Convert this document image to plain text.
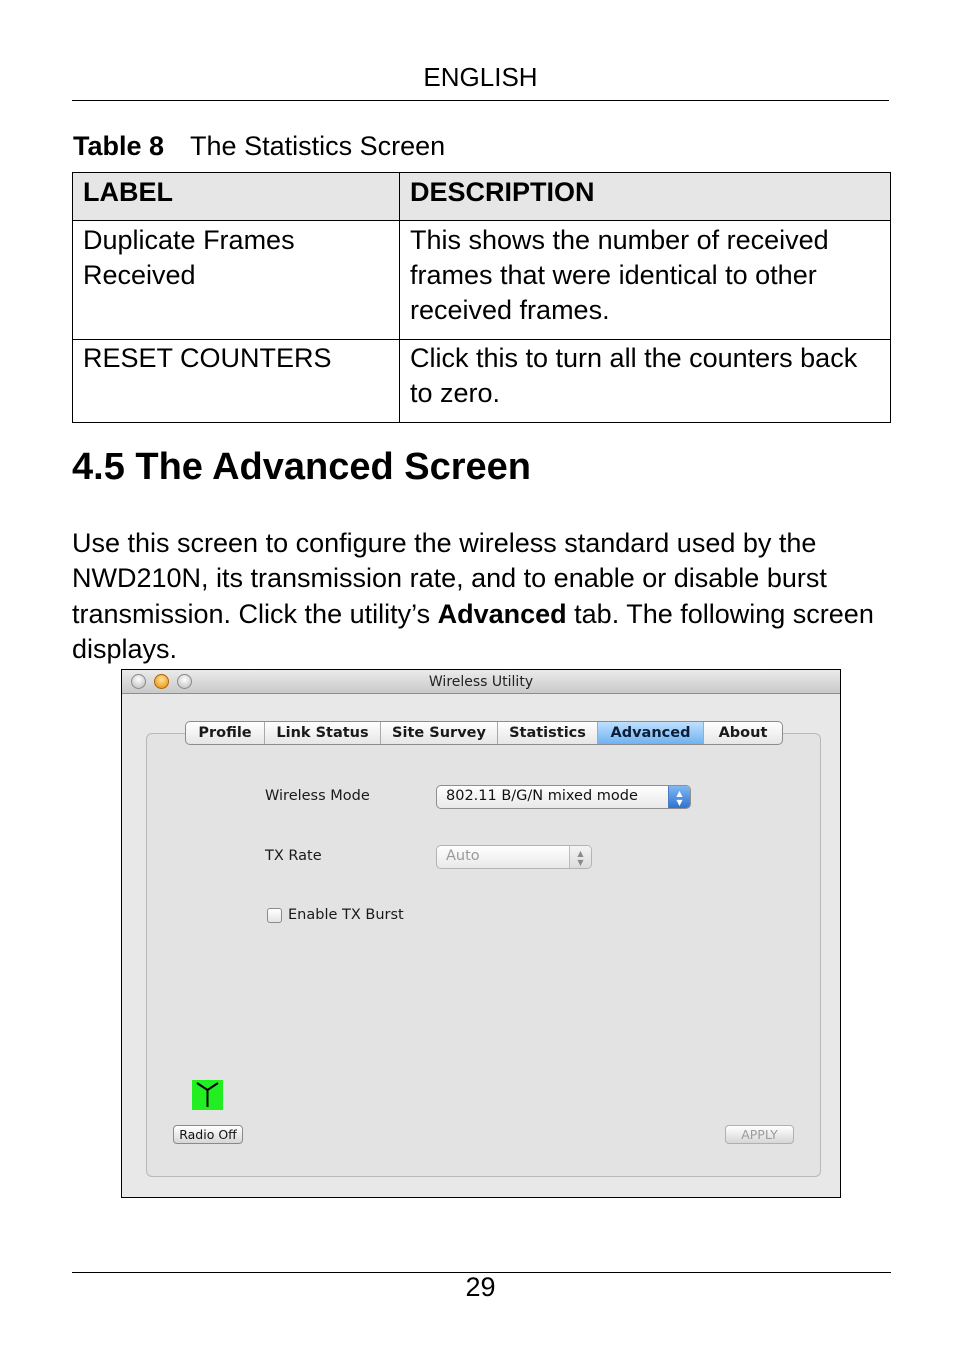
ENGLISH
Table 8 The Statistics Screen
LABEL	DESCRIPTION
Duplicate Frames Received	This shows the number of received frames that were identical to other received frames.
RESET COUNTERS	Click this to turn all the counters back to zero.
4.5 The Advanced Screen

Use this screen to configure the wireless standard used by the NWD210N, its transmission rate, and to enable or disable burst transmission. Click the utility’s Advanced tab. The following screen displays.

Wireless Utility
Profile	Link Status	Site Survey	Statistics	Advanced	About
Wireless Mode	802.11 B/G/N mixed mode	▲
▼
TX Rate	Auto	▲
▼
Enable TX Burst
Radio Off	APPLY
29
